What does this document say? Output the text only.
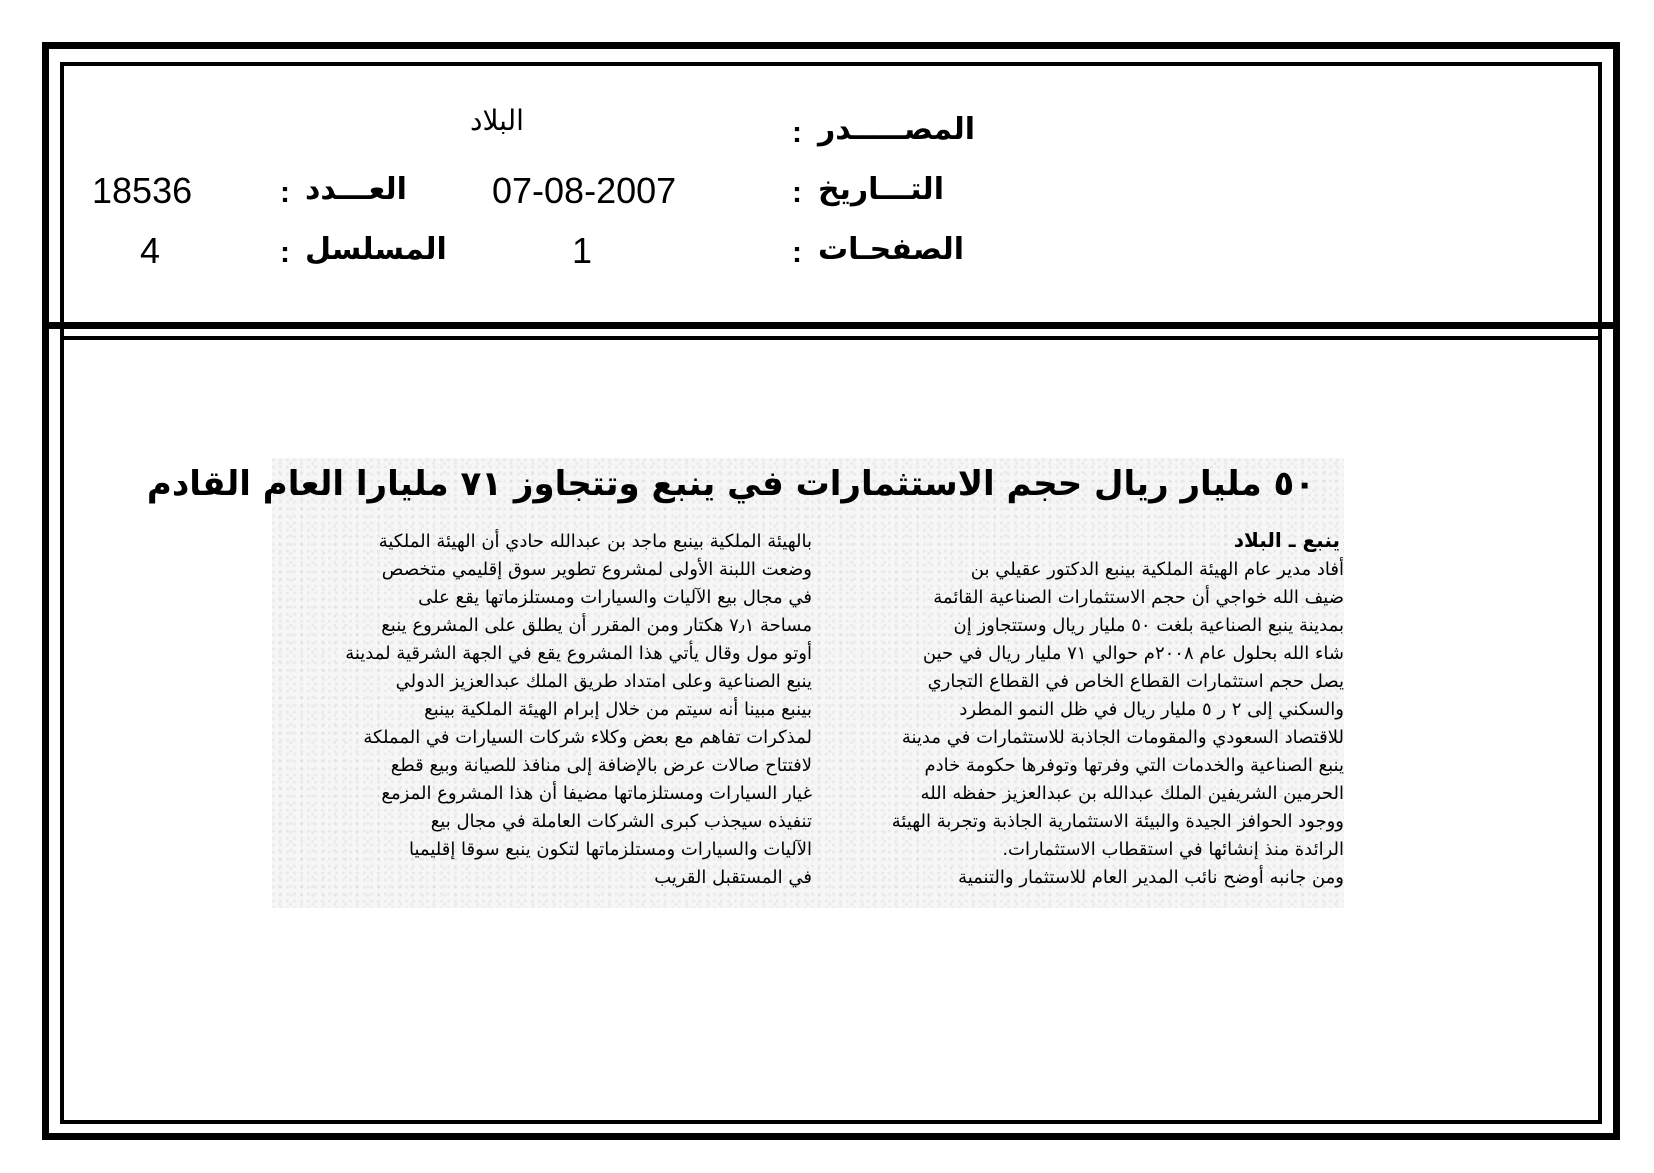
المصـــــدر
:
البلاد
التـــاريخ
:
07-08-2007
العـــدد
:
18536
الصفحـات
:
1
المسلسل
:
4
٥٠ مليار ريال حجم الاستثمارات في ينبع وتتجاوز ٧١ مليارا العام القادم
ينبع ـ البلاد
أفاد مدير عام الهيئة الملكية بينبع الدكتور عقيلي بن
ضيف الله خواجي أن حجم الاستثمارات الصناعية القائمة
بمدينة ينبع الصناعية بلغت ٥٠ مليار ريال وستتجاوز إن
شاء الله بحلول عام ٢٠٠٨م حوالي ٧١ مليار ريال في حين
يصل حجم استثمارات القطاع الخاص في القطاع التجاري
والسكني إلى ٢ ر ٥ مليار ريال في ظل النمو المطرد
للاقتصاد السعودي والمقومات الجاذبة للاستثمارات في مدينة
ينبع الصناعية والخدمات التي وفرتها وتوفرها حكومة خادم
الحرمين الشريفين الملك عبدالله بن عبدالعزيز حفظه الله
ووجود الحوافز الجيدة والبيئة الاستثمارية الجاذبة وتجربة الهيئة
الرائدة منذ إنشائها في استقطاب الاستثمارات.
ومن جانبه أوضح نائب المدير العام للاستثمار والتنمية
بالهيئة الملكية بينبع ماجد بن عبدالله حادي أن الهيئة الملكية
وضعت اللبنة الأولى لمشروع تطوير سوق إقليمي متخصص
في مجال بيع الآليات والسيارات ومستلزماتها يقع على
مساحة ٧٫١ هكتار ومن المقرر أن يطلق على المشروع ينبع
أوتو مول وقال يأتي هذا المشروع يقع في الجهة الشرقية لمدينة
ينبع الصناعية وعلى امتداد طريق الملك عبدالعزيز الدولي
بينبع مبينا أنه سيتم من خلال إبرام الهيئة الملكية بينبع
لمذكرات تفاهم مع بعض وكلاء شركات السيارات في المملكة
لافتتاح صالات عرض بالإضافة إلى منافذ للصيانة وبيع قطع
غيار السيارات ومستلزماتها مضيفا أن هذا المشروع المزمع
تنفيذه سيجذب كبرى الشركات العاملة في مجال بيع
الآليات والسيارات ومستلزماتها لتكون ينبع سوقا إقليميا
في المستقبل القريب
